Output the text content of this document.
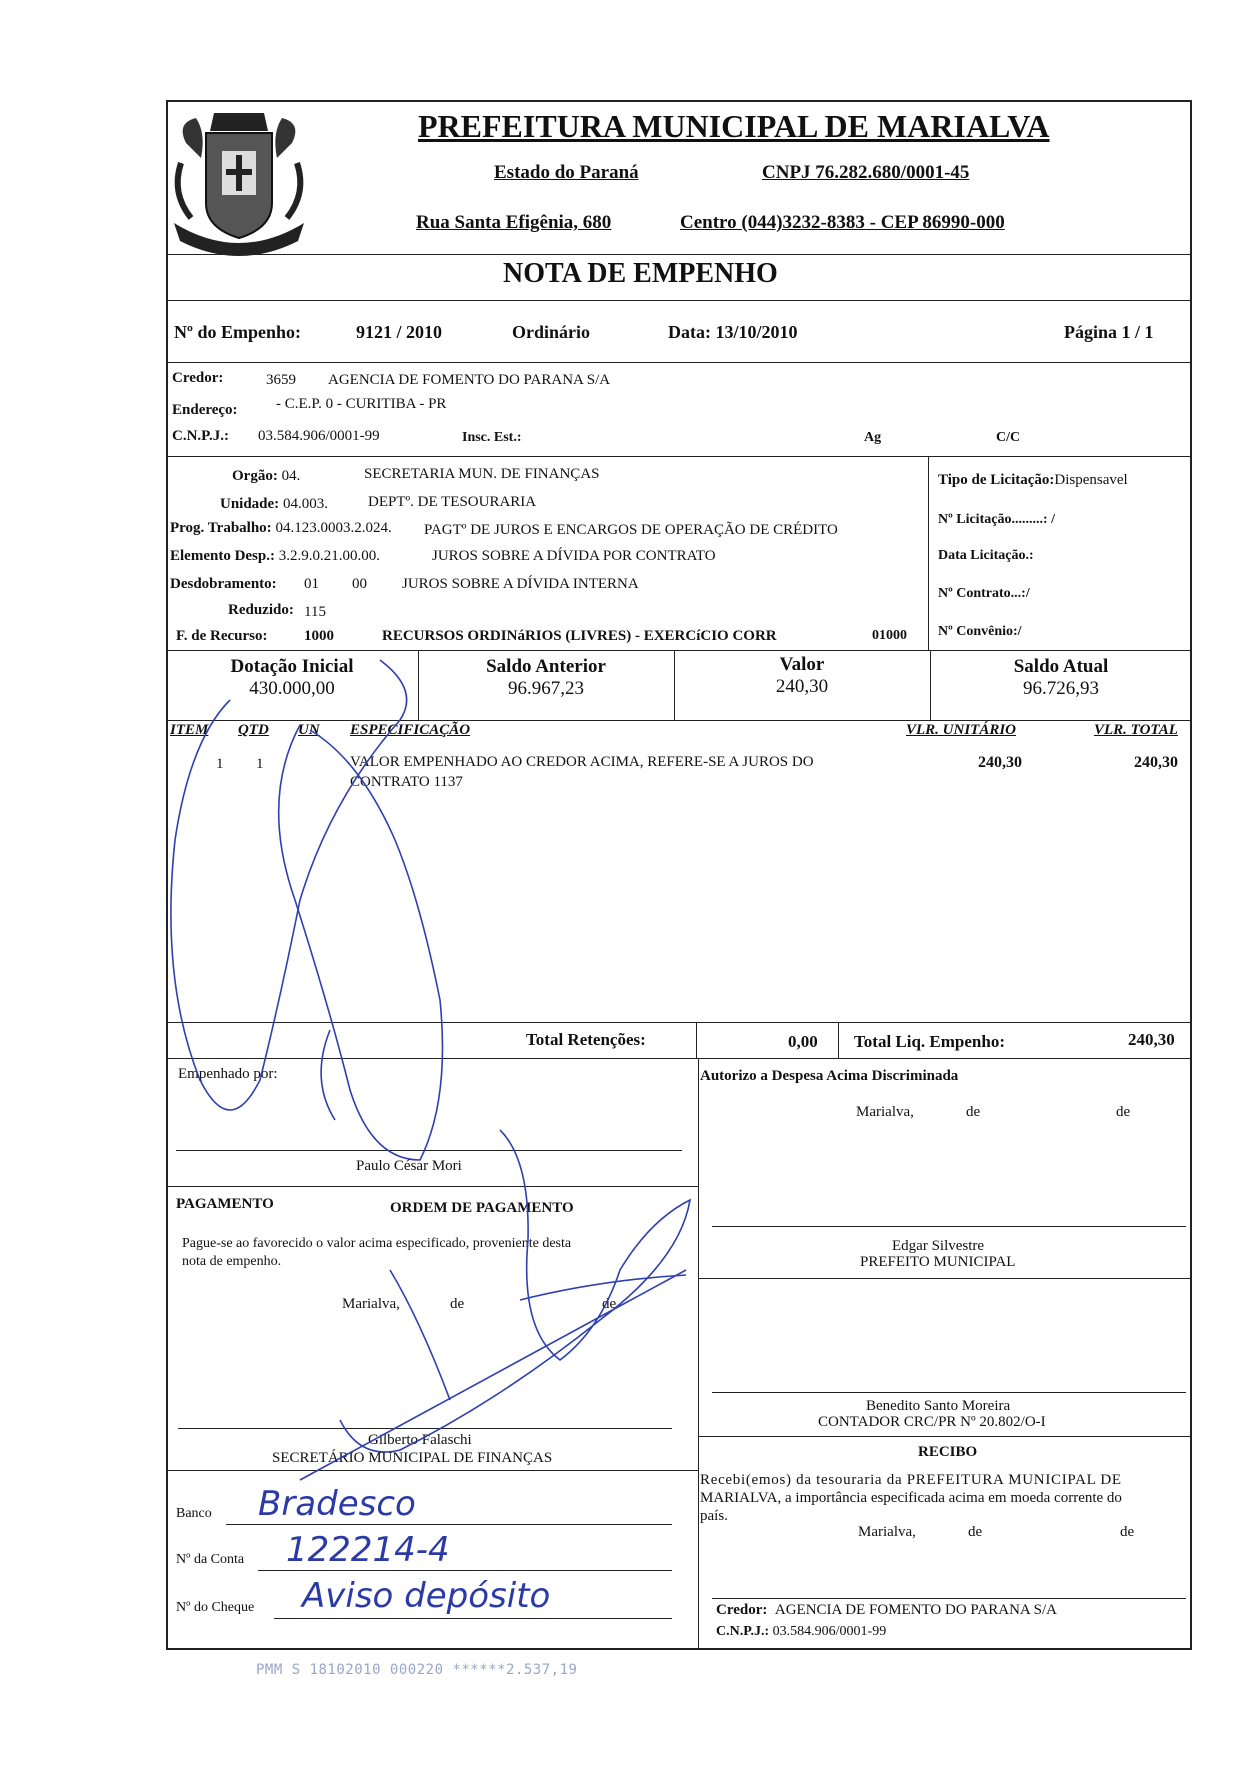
PREFEITURA MUNICIPAL DE MARIALVA
Estado do Paraná	CNPJ 76.282.680/0001-45
Rua Santa Efigênia, 680	Centro (044)3232-8383 - CEP 86990-000
NOTA DE EMPENHO
Nº do Empenho:	9121 / 2010	Ordinário	Data: 13/10/2010	Página 1 / 1
Credor:	3659 AGENCIA DE FOMENTO DO PARANA S/A
Endereço:	- C.E.P. 0 - CURITIBA - PR
C.N.P.J.: 03.584.906/0001-99	Insc. Est.:	Ag	C/C
Orgão: 04.	SECRETARIA MUN. DE FINANÇAS
Unidade: 04.003.	DEPTº. DE TESOURARIA
Prog. Trabalho: 04.123.0003.2.024. PAGTº DE JUROS E ENCARGOS DE OPERAÇÃO DE CRÉDITO
Elemento Desp.: 3.2.9.0.21.00.00.	JUROS SOBRE A DÍVIDA POR CONTRATO
Desdobramento: 01 00 JUROS SOBRE A DÍVIDA INTERNA
Reduzido: 115
F. de Recurso: 1000	RECURSOS ORDINáRIOS (LIVRES) - EXERCíCIO CORR	01000
Tipo de Licitação:Dispensavel
Nº Licitação.........: /
Data Licitação.:
Nº Contrato...:/
Nº Convênio:/
Dotação Inicial
430.000,00
Saldo Anterior
96.967,23
Valor
240,30
Saldo Atual
96.726,93
ITEM QTD UN ESPECIFICAÇÃO	VLR. UNITÁRIO	VLR. TOTAL
1 1	VALOR EMPENHADO AO CREDOR ACIMA, REFERE-SE A JUROS DO
CONTRATO 1137
240,30	240,30
Total Retenções:	0,00 Total Liq. Empenho:	240,30
Empenhado por:
Paulo César Mori
Autorizo a Despesa Acima Discriminada
Marialva,	de	de
Edgar Silvestre
PREFEITO MUNICIPAL
Benedito Santo Moreira
CONTADOR CRC/PR Nº 20.802/O-I
RECIBO
Recebi(emos) da tesouraria da PREFEITURA MUNICIPAL DE
MARIALVA, a importância especificada acima em moeda corrente do
país.
Marialva,	de	de
Credor: AGENCIA DE FOMENTO DO PARANA S/A
C.N.P.J.: 03.584.906/0001-99
PAGAMENTO	ORDEM DE PAGAMENTO
Pague-se ao favorecido o valor acima especificado, proveniente desta
nota de empenho.
Marialva,	de	de
Gilberto Falaschi
SECRETÁRIO MUNICIPAL DE FINANÇAS
Banco Bradesco
Nº da Conta 122214-4
Nº do Cheque Aviso depósito
PMM S 18102010 000220 ******2.537,19
